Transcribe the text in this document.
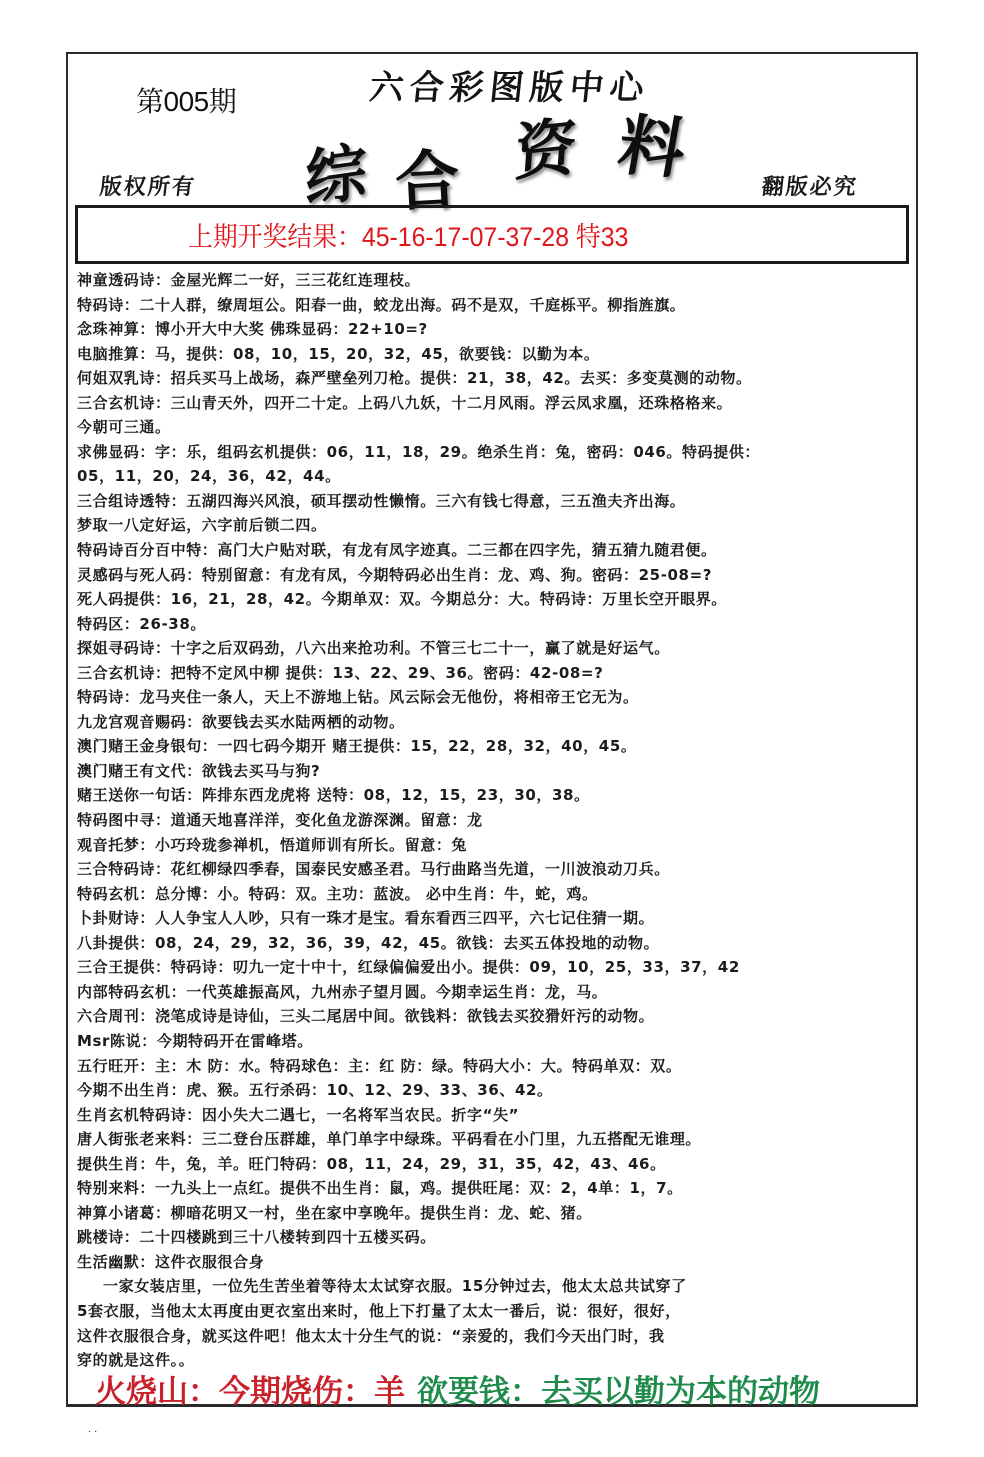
第005期	六合彩图版中心
综 合 资 料
版权所有	翻版必究
上期开奖结果：45-16-17-07-37-28 特33
神童透码诗：金屋光辉二一好，三三花红连理枝。
特码诗：二十人群，缭周垣公。阳春一曲，蛟龙出海。码不是双，千庭栎平。柳指旌旗。
念珠神算：博小开大中大奖 佛珠显码：22+10=?
电脑推算：马，提供：08，10，15，20，32，45，欲要钱：以勤为本。
何姐双乳诗：招兵买马上战场，森严壁垒列刀枪。提供：21，38，42。去买：多变莫测的动物。
三合玄机诗：三山青天外，四开二十定。上码八九妖，十二月风雨。浮云凤求凰，还珠格格来。
今朝可三通。
求佛显码：字：乐，组码玄机提供：06，11，18，29。绝杀生肖：兔，密码：046。特码提供：
05，11，20，24，36，42，44。
三合组诗透特：五湖四海兴风浪，硕耳摆动性懒惰。三六有钱七得意，三五渔夫齐出海。
梦取一八定好运，六字前后锁二四。
特码诗百分百中特：高门大户贴对联，有龙有凤字迹真。二三都在四字先，猜五猜九随君便。
灵感码与死人码：特别留意：有龙有凤，今期特码必出生肖：龙、鸡、狗。密码：25-08=?
死人码提供：16，21，28，42。今期单双：双。今期总分：大。特码诗：万里长空开眼界。
特码区：26-38。
探姐寻码诗：十字之后双码劲，八六出来抢功利。不管三七二十一，赢了就是好运气。
三合玄机诗：把特不定风中柳 提供：13、22、29、36。密码：42-08=?
特码诗：龙马夹住一条人，天上不游地上钻。风云际会无他份，将相帝王它无为。
九龙宫观音赐码：欲要钱去买水陆两栖的动物。
澳门赌王金身银句：一四七码今期开 赌王提供：15，22，28，32，40，45。
澳门赌王有文代：欲钱去买马与狗?
赌王送你一句话：阵排东西龙虎将 送特：08，12，15，23，30，38。
特码图中寻：道通天地喜洋洋，变化鱼龙游深渊。留意：龙
观音托梦：小巧玲珑参禅机，悟道师训有所长。留意：兔
三合特码诗：花红柳绿四季春，国泰民安感圣君。马行曲路当先道，一川波浪动刀兵。
特码玄机：总分博：小。特码：双。主功：蓝波。 必中生肖：牛，蛇，鸡。
卜卦财诗：人人争宝人人吵，只有一珠才是宝。看东看西三四平，六七记住猜一期。
八卦提供：08，24，29，32，36，39，42，45。欲钱：去买五体投地的动物。
三合王提供：特码诗：叨九一定十中十，红绿偏偏爱出小。提供：09，10，25，33，37，42
内部特码玄机：一代英雄振高风，九州赤子望月圆。今期幸运生肖：龙，马。
六合周刊：浇笔成诗是诗仙，三头二尾居中间。欲钱料：欲钱去买狡猾奸污的动物。
Msr陈说：今期特码开在雷峰塔。
五行旺开：主：木 防：水。特码球色：主：红 防：绿。特码大小：大。特码单双：双。
今期不出生肖：虎、猴。五行杀码：10、12、29、33、36、42。
生肖玄机特码诗：因小失大二遇七，一名将军当农民。折字“失”
唐人街张老来料：三二登台压群雄，单门单字中绿珠。平码看在小门里，九五搭配无谁理。
提供生肖：牛，兔，羊。旺门特码：08，11，24，29，31，35，42，43、46。
特别来料：一九头上一点红。提供不出生肖：鼠，鸡。提供旺尾：双：2，4单：1，7。
神算小诸葛：柳暗花明又一村，坐在家中享晚年。提供生肖：龙、蛇、猪。
跳楼诗：二十四楼跳到三十八楼转到四十五楼买码。
生活幽默：这件衣服很合身
一家女装店里，一位先生苦坐着等待太太试穿衣服。15分钟过去，他太太总共试穿了
5套衣服，当他太太再度由更衣室出来时，他上下打量了太太一番后，说：很好，很好，
这件衣服很合身，就买这件吧！他太太十分生气的说：“亲爱的，我们今天出门时，我
穿的就是这件。。
火烧山：今期烧伤：羊 欲要钱：去买以勤为本的动物
..
